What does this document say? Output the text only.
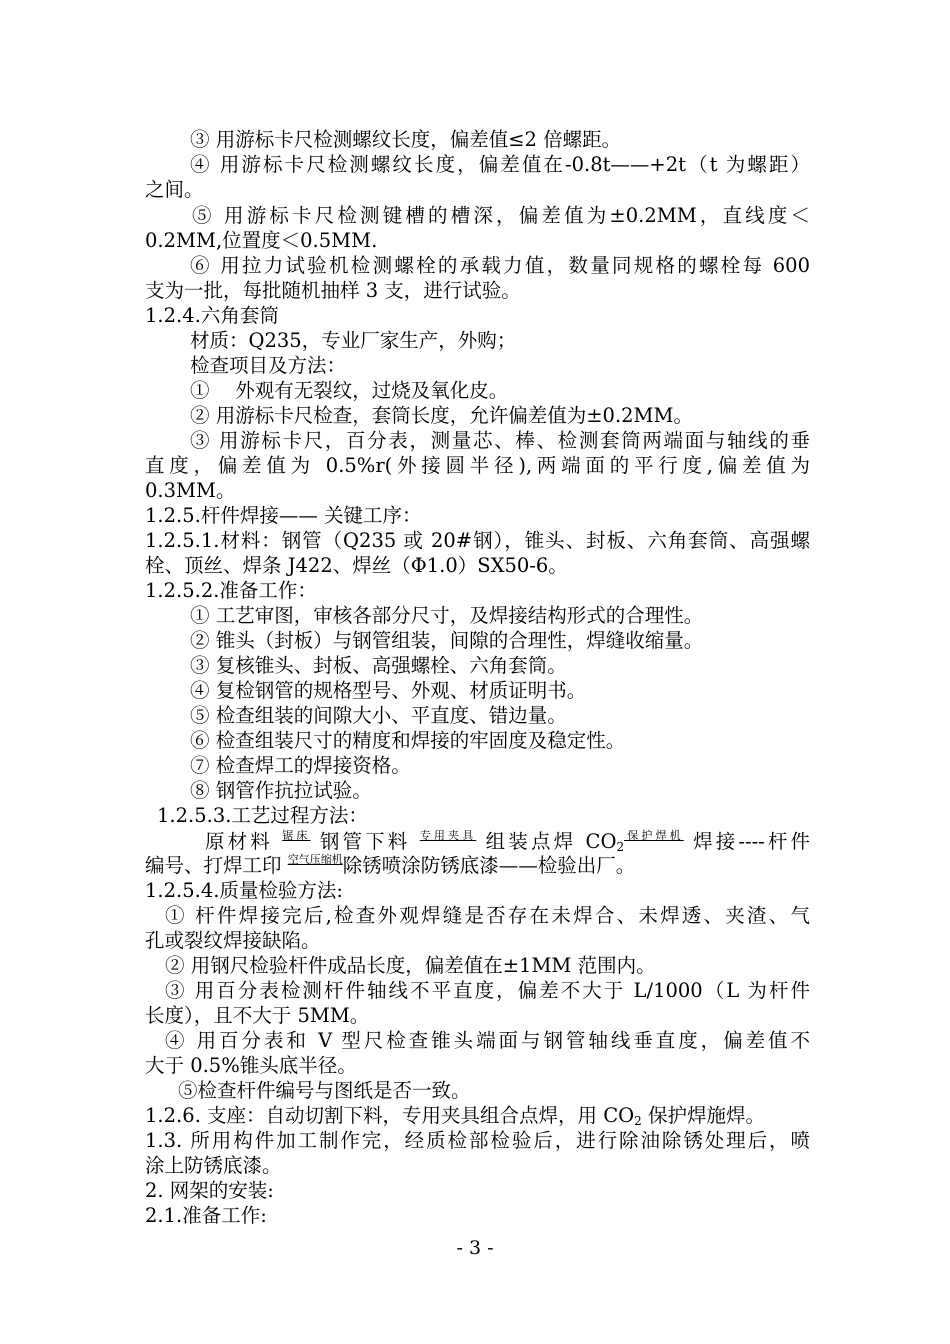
③ 用游标卡尺检测螺纹长度，偏差值≤2 倍螺距。
④ 用游标卡尺检测螺纹长度，偏差值在-0.8t——+2t（t 为螺距）
之间。
⑤ 用游标卡尺检测键槽的槽深，偏差值为±0.2MM，直线度＜
0.2MM,位置度＜0.5MM.
⑥ 用拉力试验机检测螺栓的承载力值，数量同规格的螺栓每 600
支为一批，每批随机抽样 3 支，进行试验。
1.2.4.六角套筒
材质：Q235，专业厂家生产，外购；
检查项目及方法：
①　 外观有无裂纹，过烧及氧化皮。
② 用游标卡尺检查，套筒长度，允许偏差值为±0.2MM。
③ 用游标卡尺，百分表，测量芯、棒、检测套筒两端面与轴线的垂
直度，偏差值为 0.5%r(外接圆半径),两端面的平行度,偏差值为
0.3MM。
1.2.5.杆件焊接—— 关键工序：
1.2.5.1.材料：钢管（Q235 或 20#钢），锥头、封板、六角套筒、高强螺
栓、顶丝、焊条 J422、焊丝（Φ1.0）SX50-6。
1.2.5.2.准备工作：
① 工艺审图，审核各部分尺寸，及焊接结构形式的合理性。
② 锥头（封板）与钢管组装，间隙的合理性，焊缝收缩量。
③ 复核锥头、封板、高强螺栓、六角套筒。
④ 复检钢管的规格型号、外观、材质证明书。
⑤ 检查组装的间隙大小、平直度、错边量。
⑥ 检查组装尺寸的精度和焊接的牢固度及稳定性。
⑦ 检查焊工的焊接资格。
⑧ 钢管作抗拉试验。
1.2.5.3.工艺过程方法：
原材料 $^{锯床}$ 钢管下料 $^{专用夹具}$ 组装点焊 $CO_2^{保护焊机}$ 焊接----杆件
编号、打焊工印 $^{空气压缩机}$除锈喷涂防锈底漆——检验出厂。
1.2.5.4.质量检验方法:
① 杆件焊接完后,检查外观焊缝是否存在未焊合、未焊透、夹渣、气
孔或裂纹焊接缺陷。
② 用钢尺检验杆件成品长度，偏差值在±1MM 范围内。
③ 用百分表检测杆件轴线不平直度，偏差不大于 L/1000（L 为杆件
长度），且不大于 5MM。
④ 用百分表和 V 型尺检查锥头端面与钢管轴线垂直度，偏差值不
大于 0.5%锥头底半径。
⑤检查杆件编号与图纸是否一致。
1.2.6. 支座：自动切割下料，专用夹具组合点焊，用 $CO_2$ 保护焊施焊。
1.3. 所用构件加工制作完，经质检部检验后，进行除油除锈处理后，喷
涂上防锈底漆。
2. 网架的安装:
2.1.准备工作:
- 3 -
